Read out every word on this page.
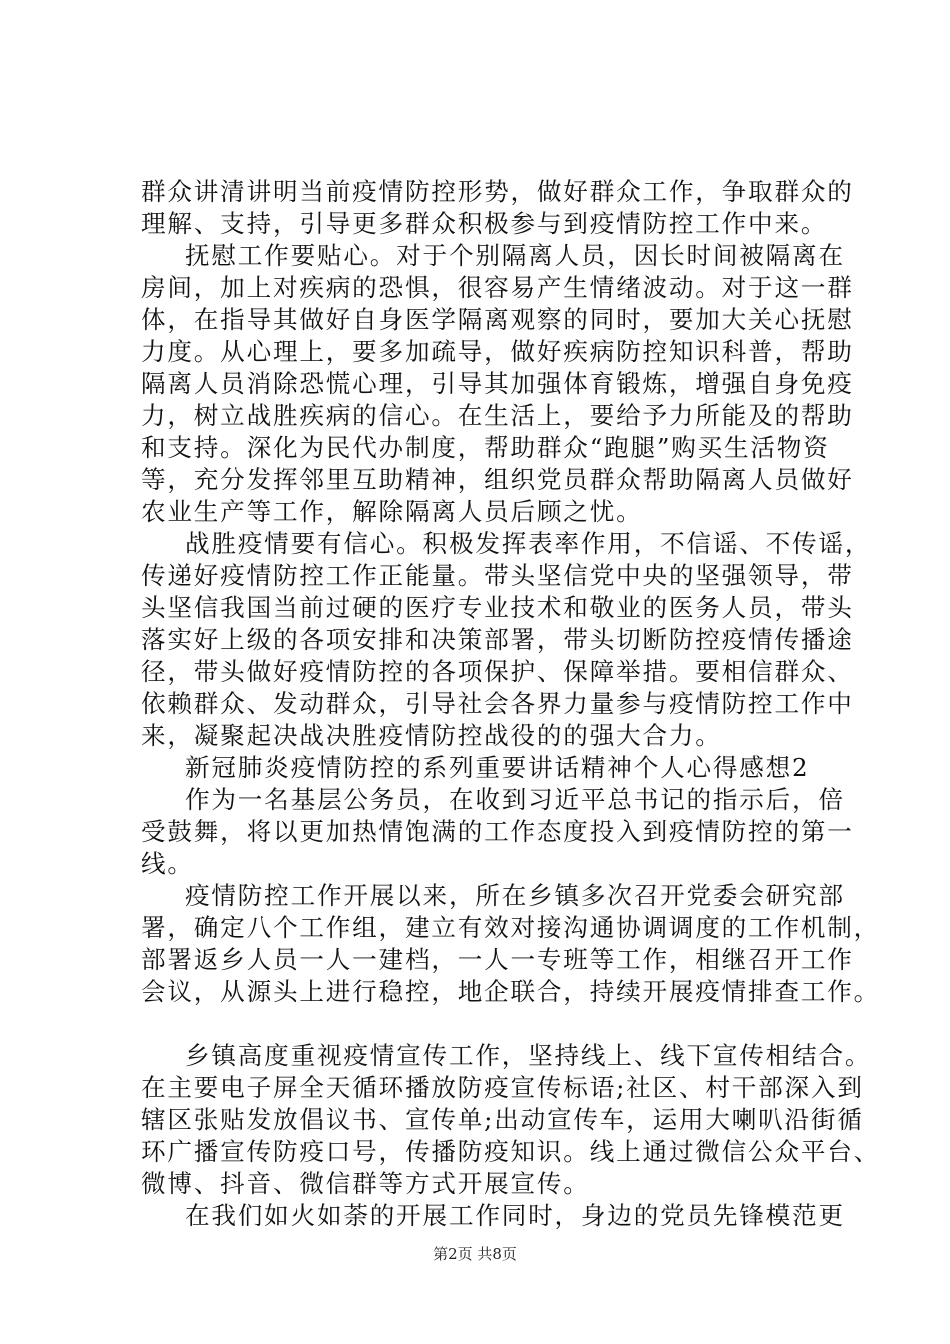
群众讲清讲明当前疫情防控形势，做好群众工作，争取群众的
理解、支持，引导更多群众积极参与到疫情防控工作中来。
抚慰工作要贴心。对于个别隔离人员，因长时间被隔离在
房间，加上对疾病的恐惧，很容易产生情绪波动。对于这一群
体，在指导其做好自身医学隔离观察的同时，要加大关心抚慰
力度。从心理上，要多加疏导，做好疾病防控知识科普，帮助
隔离人员消除恐慌心理，引导其加强体育锻炼，增强自身免疫
力，树立战胜疾病的信心。在生活上，要给予力所能及的帮助
和支持。深化为民代办制度，帮助群众“跑腿”购买生活物资
等，充分发挥邻里互助精神，组织党员群众帮助隔离人员做好
农业生产等工作，解除隔离人员后顾之忧。
战胜疫情要有信心。积极发挥表率作用，不信谣、不传谣，
传递好疫情防控工作正能量。带头坚信党中央的坚强领导，带
头坚信我国当前过硬的医疗专业技术和敬业的医务人员，带头
落实好上级的各项安排和决策部署，带头切断防控疫情传播途
径，带头做好疫情防控的各项保护、保障举措。要相信群众、
依赖群众、发动群众，引导社会各界力量参与疫情防控工作中
来，凝聚起决战决胜疫情防控战役的的强大合力。
新冠肺炎疫情防控的系列重要讲话精神个人心得感想2
作为一名基层公务员，在收到习近平总书记的指示后，倍
受鼓舞，将以更加热情饱满的工作态度投入到疫情防控的第一
线。
疫情防控工作开展以来，所在乡镇多次召开党委会研究部
署，确定八个工作组，建立有效对接沟通协调调度的工作机制，
部署返乡人员一人一建档，一人一专班等工作，相继召开工作
会议，从源头上进行稳控，地企联合，持续开展疫情排查工作。
乡镇高度重视疫情宣传工作，坚持线上、线下宣传相结合。
在主要电子屏全天循环播放防疫宣传标语;社区、村干部深入到
辖区张贴发放倡议书、宣传单;出动宣传车，运用大喇叭沿街循
环广播宣传防疫口号，传播防疫知识。线上通过微信公众平台、
微博、抖音、微信群等方式开展宣传。
在我们如火如荼的开展工作同时，身边的党员先锋模范更
第2页 共8页
